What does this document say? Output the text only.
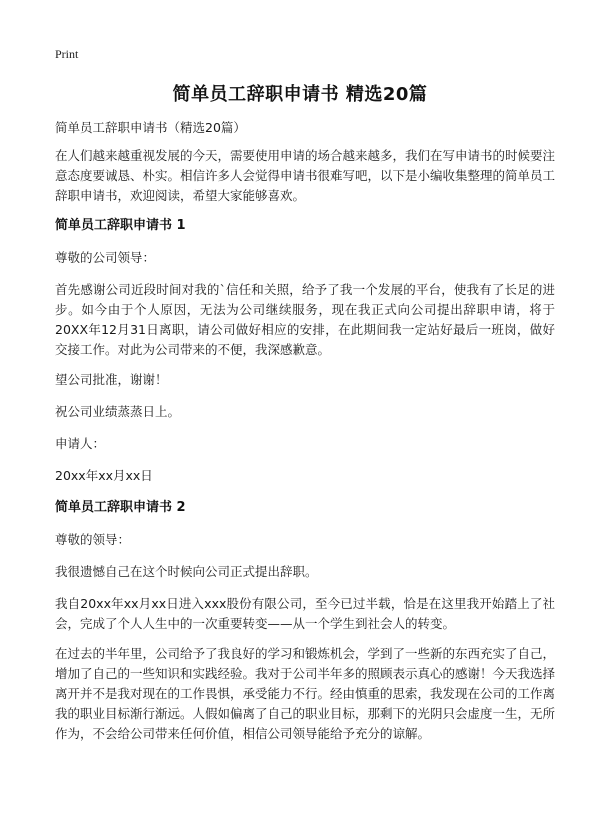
Print
简单员工辞职申请书 精选20篇
简单员工辞职申请书（精选20篇）
在人们越来越重视发展的今天，需要使用申请的场合越来越多，我们在写申请书的时候要注意态度要诚恳、朴实。相信许多人会觉得申请书很难写吧，以下是小编收集整理的简单员工辞职申请书，欢迎阅读，希望大家能够喜欢。
简单员工辞职申请书 1
尊敬的公司领导：
首先感谢公司近段时间对我的`信任和关照，给予了我一个发展的平台，使我有了长足的进步。如今由于个人原因，无法为公司继续服务，现在我正式向公司提出辞职申请，将于20XX年12月31日离职，请公司做好相应的安排，在此期间我一定站好最后一班岗，做好交接工作。对此为公司带来的不便，我深感歉意。
望公司批准，谢谢！
祝公司业绩蒸蒸日上。
申请人：
20xx年xx月xx日
简单员工辞职申请书 2
尊敬的领导：
我很遗憾自己在这个时候向公司正式提出辞职。
我自20xx年xx月xx日进入xxx股份有限公司，至今已过半载，恰是在这里我开始踏上了社会，完成了个人人生中的一次重要转变——从一个学生到社会人的转变。
在过去的半年里，公司给予了我良好的学习和锻炼机会，学到了一些新的东西充实了自己，增加了自己的一些知识和实践经验。我对于公司半年多的照顾表示真心的感谢！今天我选择离开并不是我对现在的工作畏惧，承受能力不行。经由慎重的思索，我发现在公司的工作离我的职业目标渐行渐远。人假如偏离了自己的职业目标，那剩下的光阴只会虚度一生，无所作为，不会给公司带来任何价值，相信公司领导能给予充分的谅解。
